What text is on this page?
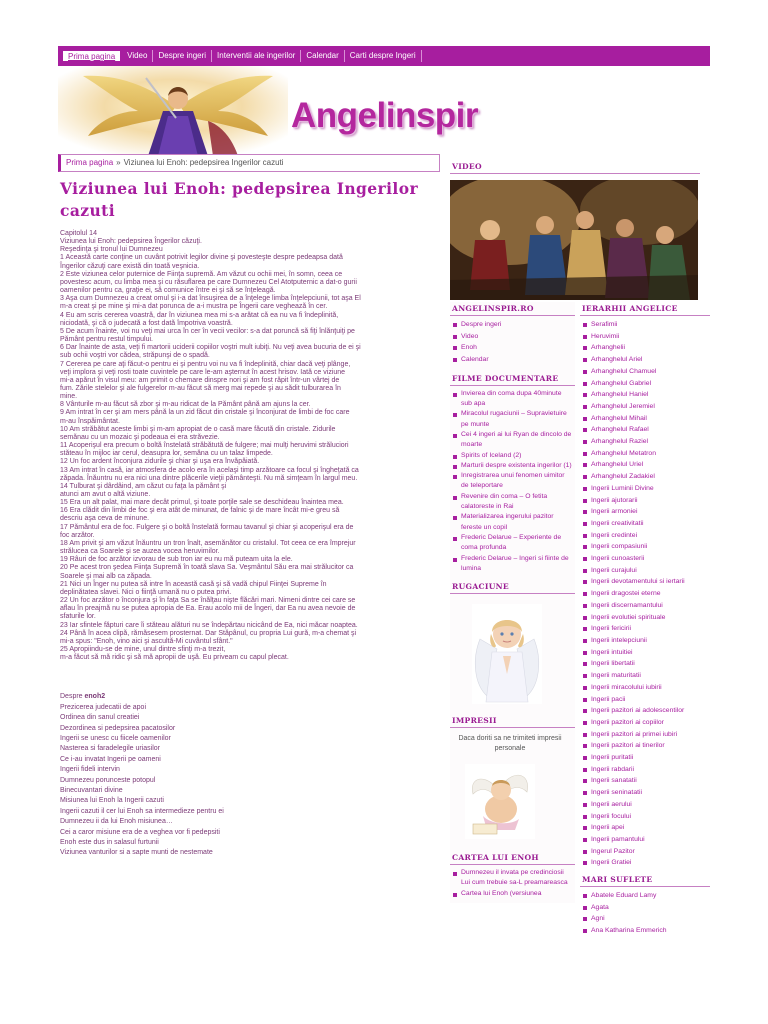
Prima pagina	Video	Despre ingeri	Interventii ale ingerilor	Calendar	Carti despre Ingeri
Angelinspir
Prima pagina » Viziunea lui Enoh: pedepsirea Ingerilor cazuti
Viziunea lui Enoh: pedepsirea Ingerilor cazuti
Capitolul 14
Viziunea lui Enoh: pedepsirea Îngerilor căzuţi.
Reşedinţa şi tronul lui Dumnezeu
1 Această carte conţine un cuvânt potrivit legilor divine şi povesteşte despre pedeapsa dată
Îngerilor căzuţi care există din toată veşnicia.
2 Este viziunea celor puternice de Fiinţa supremă. Am văzut cu ochii mei, în somn, ceea ce
povestesc acum, cu limba mea şi cu răsuflarea pe care Dumnezeu Cel Atotputernic a dat-o gurii
oamenilor pentru ca, graţie ei, să comunice între ei şi să se înţeleagă.
3 Aşa cum Dumnezeu a creat omul şi i-a dat însuşirea de a înţelege limba înţelepciunii, tot aşa El
m-a creat şi pe mine şi mi-a dat porunca de a-i mustra pe Îngerii care veghează în cer.
4 Eu am scris cererea voastră, dar în viziunea mea mi s-a arătat că ea nu va fi îndeplinită,
niciodată, şi că o judecată a fost dată împotriva voastră.
5 De acum înainte, voi nu veţi mai urca în cer în vecii vecilor: s-a dat poruncă să fiţi înlănţuiţi pe
Pământ pentru restul timpului.
6 Dar înainte de asta, veţi fi martorii uciderii copiilor voştri mult iubiţi. Nu veţi avea bucuria de ei şi
sub ochii voştri vor cădea, străpunşi de o spadă.
7 Cererea pe care aţi făcut-o pentru ei şi pentru voi nu va fi îndeplinită, chiar dacă veţi plânge,
veţi implora şi veţi rosti toate cuvintele pe care le-am aşternut în acest hrisov. Iată ce viziune
mi-a apărut în visul meu: am primit o chemare dinspre nori şi am fost răpit într-un vârtej de
fum. Zările stelelor şi ale fulgerelor m-au făcut să merg mai repede şi au sădit tulburarea în
mine.
8 Vânturile m-au făcut să zbor şi m-au ridicat de la Pământ până am ajuns la cer.
9 Am intrat în cer şi am mers până la un zid făcut din cristale şi înconjurat de limbi de foc care
m-au înspăimântat.
10 Am străbătut aceste limbi şi m-am apropiat de o casă mare făcută din cristale. Zidurile
semănau cu un mozaic şi podeaua ei era străvezie.
11 Acoperişul era precum o boltă înstelată străbătută de fulgere; mai mulţi heruvimi străluciori
stăteau în mijloc iar cerul, deasupra lor, semăna cu un talaz limpede.
12 Un foc ardent înconjura zidurile şi chiar şi uşa era învăpăiată.
13 Am intrat în casă, iar atmosfera de acolo era în acelaşi timp arzătoare ca focul şi îngheţată ca
zăpada. Înăuntru nu era nici una dintre plăcerile vieţii pământeşti. Nu mă simţeam în largul meu.
14 Tulburat şi dârdâind, am căzut cu faţa la pământ şi
atunci am avut o altă viziune.
15 Era un alt palat, mai mare decât primul, şi toate porţile sale se deschideau înaintea mea.
16 Era clădit din limbi de foc şi era atât de minunat, de falnic şi de mare încât mi-e greu să
descriu aşa ceva de minune.
17 Pământul era de foc. Fulgere şi o boltă înstelată formau tavanul şi chiar şi acoperişul era de
foc arzător.
18 Am privit şi am văzut înăuntru un tron înalt, asemănător cu cristalul. Tot ceea ce era împrejur
strălucea ca Soarele şi se auzea vocea heruvimilor.
19 Râuri de foc arzător izvorau de sub tron iar eu nu mă puteam uita la ele.
20 Pe acest tron şedea Fiinţa Supremă în toată slava Sa. Veşmântul Său era mai strălucitor ca
Soarele şi mai alb ca zăpada.
21 Nici un Înger nu putea să intre în această casă şi să vadă chipul Fiinţei Supreme în
deplinătatea slavei. Nici o fiinţă umană nu o putea privi.
22 Un foc arzător o înconjura şi în faţa Sa se înălţau nişte flăcări mari. Nimeni dintre cei care se
aflau în preajmă nu se putea apropia de Ea. Erau acolo mii de Îngeri, dar Ea nu avea nevoie de
sfaturile lor.
23 Iar sfintele făpturi care îi stăteau alături nu se îndepărtau nicicând de Ea, nici măcar noaptea.
24 Până în acea clipă, rămăsesem prosternat. Dar Stăpânul, cu propria Lui gură, m-a chemat şi
mi-a spus: "Enoh, vino aici şi ascultă-Mi cuvântul sfânt."
25 Apropiindu-se de mine, unul dintre sfinţi m-a trezit,
m-a făcut să mă ridic şi să mă apropii de uşă. Eu priveam cu capul plecat.
Despre enoh2
Prezicerea judecatii de apoi
Ordinea din sanul creatiei
Dezordinea si pedepsirea pacatosilor
Ingerii se unesc cu fiicele oamenilor
Nasterea si faradelegile uriasilor
Ce i-au invatat Ingerii pe oameni
Ingerii fideli intervin
Dumnezeu porunceste potopul
Binecuvantari divine
Misiunea lui Enoh la Ingerii cazuti
Ingerii cazuti il cer lui Enoh sa intermedieze pentru ei
Dumnezeu ii da lui Enoh misiunea…
Cei a caror misiune era de a veghea vor fi pedepsiti
Enoh este dus in salasul furtunii
Viziunea vanturilor si a sapte munti de nestemate
VIDEO
ANGELINSPIR.RO
Despre ingeri
Video
Enoh
Calendar
FILME DOCUMENTARE
Invierea din coma dupa 40minute sub apa
Miracolul rugaciunii – Supravietuire pe munte
Cei 4 ingeri ai lui Ryan de dincolo de moarte
Spirits of Iceland (2)
Marturii despre existenta ingerilor (1)
Inregistrarea unui fenomen uimitor de teleportare
Revenire din coma – O fetita calatoreste in Rai
Materializarea ingerului pazitor fereste un copil
Frederic Delarue – Experiente de coma profunda
Frederic Delarue – Ingeri si fiinte de lumina
RUGACIUNE
IMPRESII
Daca doriti sa ne trimiteti impresii personale
CARTEA LUI ENOH
Dumnezeu il invata pe credinciosii Lui cum trebuie sa-L preamareasca
Cartea lui Enoh (versiunea
IERARHII ANGELICE
Serafimii
Heruvimii
Arhanghelii
Arhanghelul Ariel
Arhanghelul Chamuel
Arhanghelul Gabriel
Arhanghelul Haniel
Arhanghelul Jeremiel
Arhanghelul Mihail
Arhanghelul Rafael
Arhanghelul Raziel
Arhanghelul Metatron
Arhanghelul Uriel
Arhanghelul Zadakiel
Ingerii Luminii Divine
Ingerii ajutorarii
Ingerii armoniei
Ingerii creativitatii
Ingerii credintei
Ingerii compasiunii
Ingerii cunoasterii
Ingerii curajului
Ingerii devotamentului si iertarii
Ingerii dragostei eterne
Ingerii discernamantului
Ingerii evolutiei spirituale
Ingerii fericirii
Ingerii intelepciunii
Ingerii intuitiei
Ingerii libertatii
Ingerii maturitatii
Ingerii miracolului iubirii
Ingerii pacii
Ingerii pazitori ai adolescentilor
Ingerii pazitori ai copiilor
Ingerii pazitori ai primei iubiri
Ingerii pazitori ai tinerilor
Ingerii puritatii
Ingerii rabdarii
Ingerii sanatatii
Ingerii seninatatii
Ingerii aerului
Ingerii focului
Ingerii apei
Ingerii pamantului
Ingerul Pazitor
Ingerii Gratiei
MARI SUFLETE
Abatele Eduard Lamy
Agata
Agni
Ana Katharina Emmerich
